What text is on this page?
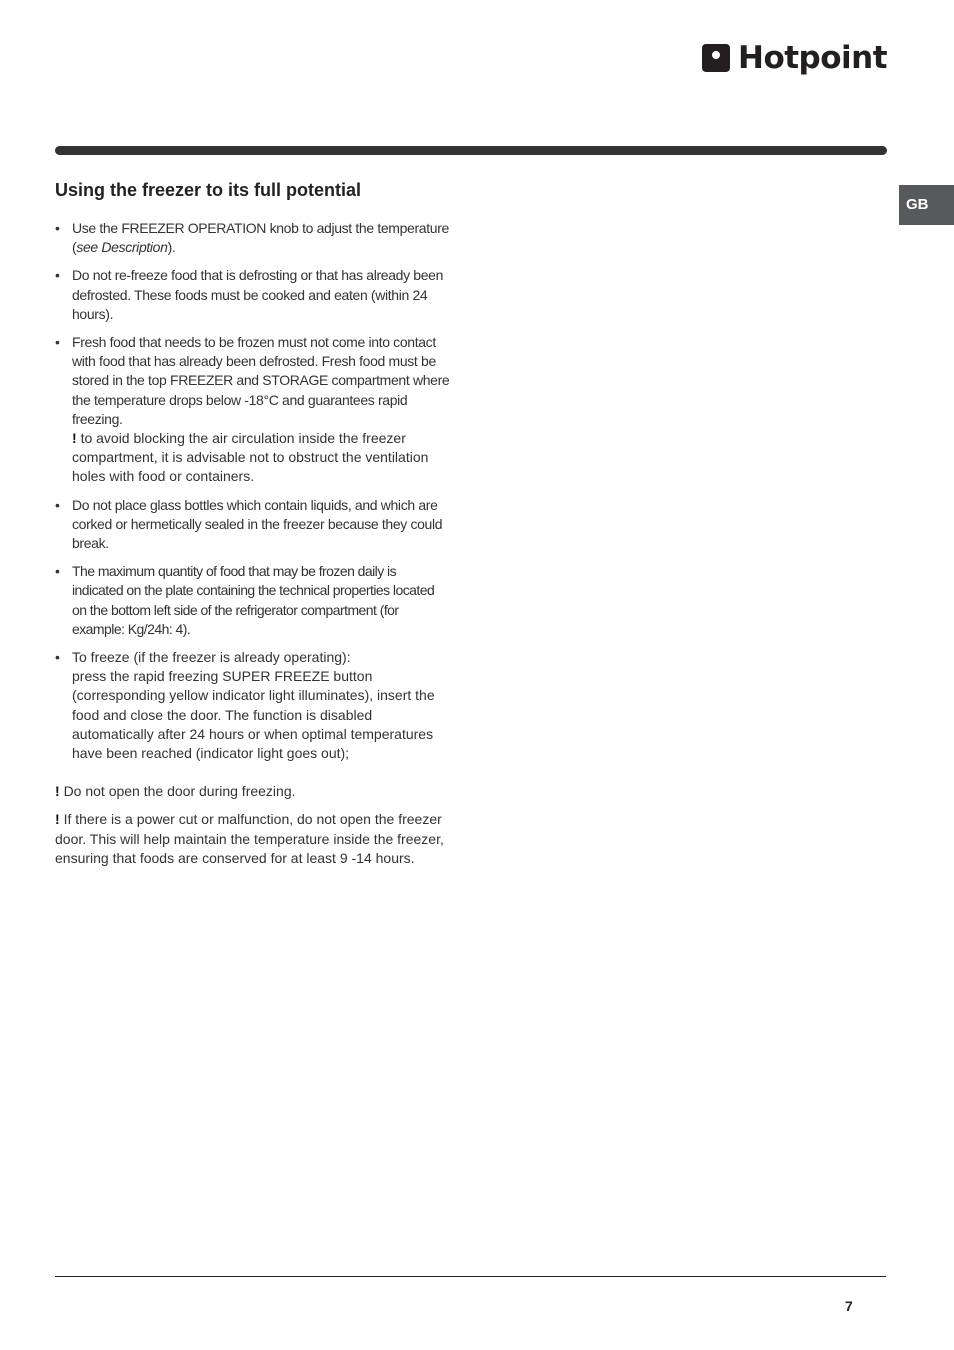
Hotpoint
GB
Using the freezer to its full potential
• Use the FREEZER OPERATION knob to adjust the temperature (see Description).
• Do not re-freeze food that is defrosting or that has already been defrosted. These foods must be cooked and eaten (within 24 hours).
• Fresh food that needs to be frozen must not come into contact with food that has already been defrosted. Fresh food must be stored in the top FREEZER and STORAGE compartment where the temperature drops below -18°C and guarantees rapid freezing.
! to avoid blocking the air circulation inside the freezer compartment, it is advisable not to obstruct the ventilation holes with food or containers.
• Do not place glass bottles which contain liquids, and which are corked or hermetically sealed in the freezer because they could break.
• The maximum quantity of food that may be frozen daily is indicated on the plate containing the technical properties located on the bottom left side of the refrigerator compartment (for example: Kg/24h: 4).
• To freeze (if the freezer is already operating):
press the rapid freezing SUPER FREEZE button (corresponding yellow indicator light illuminates), insert the food and close the door. The function is disabled automatically after 24 hours or when optimal temperatures have been reached (indicator light goes out);

! Do not open the door during freezing.

! If there is a power cut or malfunction, do not open the freezer door. This will help maintain the temperature inside the freezer, ensuring that foods are conserved for at least 9 -14 hours.

7
